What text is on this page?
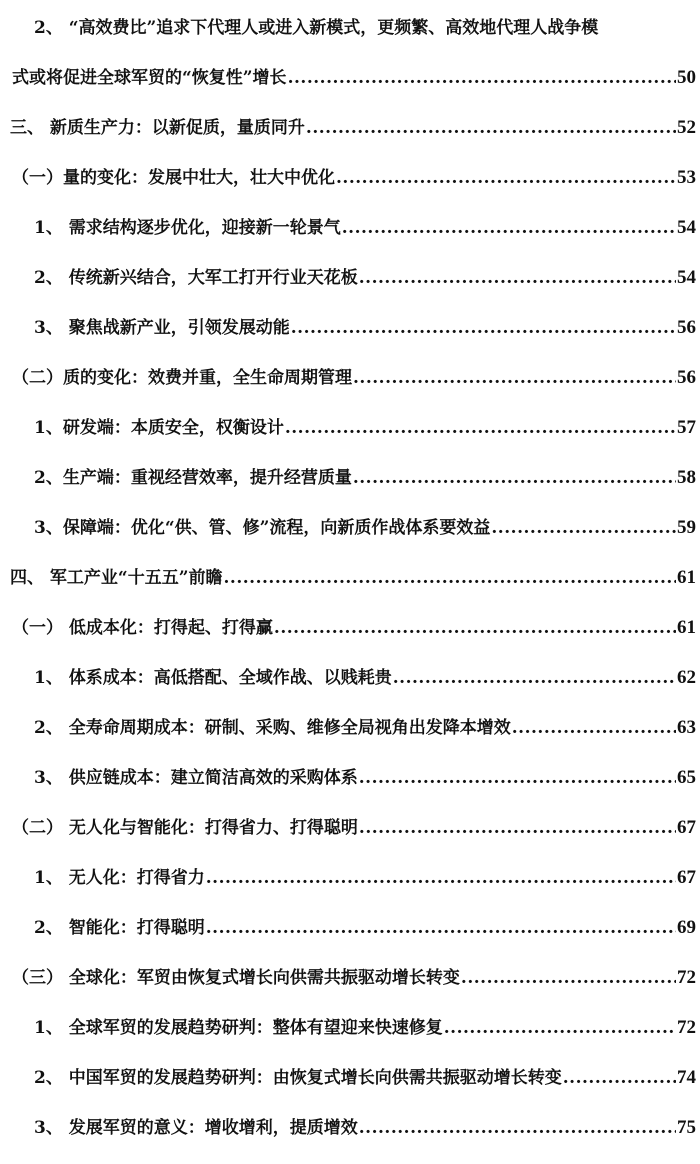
2、 “高效费比”追求下代理人或进入新模式，更频繁、高效地代理人战争模
式或将促进全球军贸的“恢复性”增长 .....	50
三、 新质生产力：以新促质，量质同升 .....	52
（一）量的变化：发展中壮大，壮大中优化 .....	53
1、 需求结构逐步优化，迎接新一轮景气 .....	54
2、 传统新兴结合，大军工打开行业天花板 .....	54
3、 聚焦战新产业，引领发展动能 .....	56
（二）质的变化：效费并重，全生命周期管理 .....	56
1、研发端：本质安全，权衡设计 .....	57
2、生产端：重视经营效率，提升经营质量 .....	58
3、保障端：优化“供、管、修”流程，向新质作战体系要效益 .....	59
四、 军工产业“十五五”前瞻 .....	61
（一） 低成本化：打得起、打得赢 .....	61
1、 体系成本：高低搭配、全域作战、以贱耗贵 .....	62
2、 全寿命周期成本：研制、采购、维修全局视角出发降本增效 .....	63
3、 供应链成本：建立简洁高效的采购体系 .....	65
（二） 无人化与智能化：打得省力、打得聪明 .....	67
1、 无人化：打得省力 .....	67
2、 智能化：打得聪明 .....	69
（三） 全球化：军贸由恢复式增长向供需共振驱动增长转变 .....	72
1、 全球军贸的发展趋势研判：整体有望迎来快速修复 .....	72
2、 中国军贸的发展趋势研判：由恢复式增长向供需共振驱动增长转变 .....	74
3、 发展军贸的意义：增收增利，提质增效 .....	75
